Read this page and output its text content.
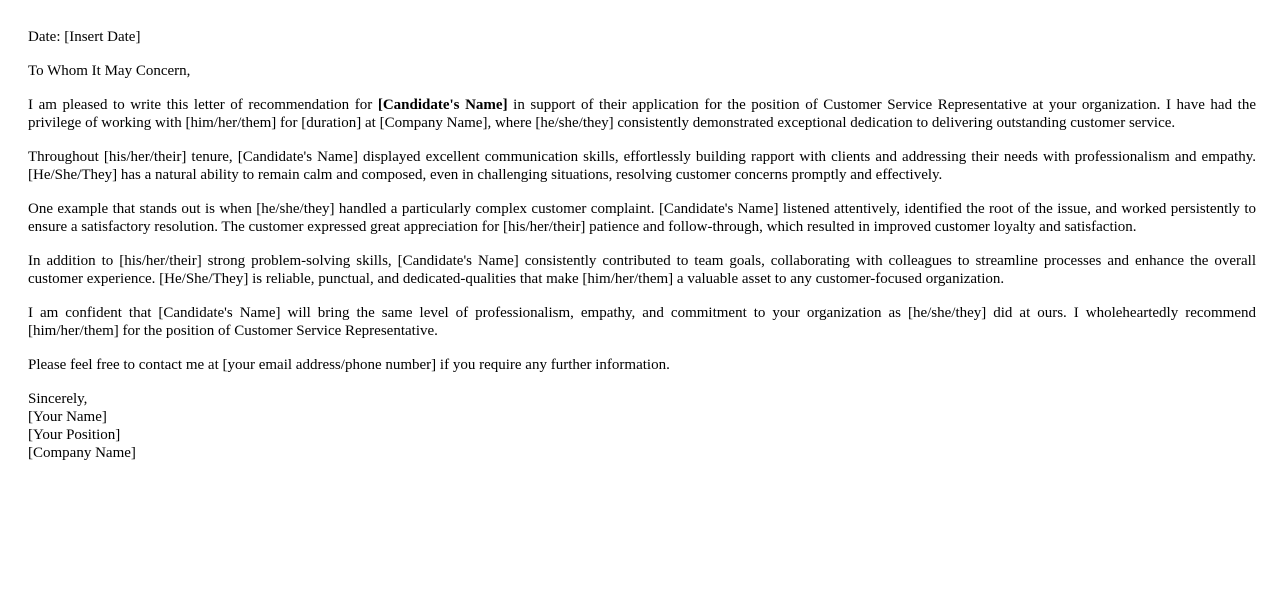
Date: [Insert Date]

To Whom It May Concern,

I am pleased to write this letter of recommendation for [Candidate's Name] in support of their application for the position of Customer Service Representative at your organization. I have had the privilege of working with [him/her/them] for [duration] at [Company Name], where [he/she/they] consistently demonstrated exceptional dedication to delivering outstanding customer service.

Throughout [his/her/their] tenure, [Candidate's Name] displayed excellent communication skills, effortlessly building rapport with clients and addressing their needs with professionalism and empathy. [He/She/They] has a natural ability to remain calm and composed, even in challenging situations, resolving customer concerns promptly and effectively.

One example that stands out is when [he/she/they] handled a particularly complex customer complaint. [Candidate's Name] listened attentively, identified the root of the issue, and worked persistently to ensure a satisfactory resolution. The customer expressed great appreciation for [his/her/their] patience and follow-through, which resulted in improved customer loyalty and satisfaction.

In addition to [his/her/their] strong problem-solving skills, [Candidate's Name] consistently contributed to team goals, collaborating with colleagues to streamline processes and enhance the overall customer experience. [He/She/They] is reliable, punctual, and dedicated-qualities that make [him/her/them] a valuable asset to any customer-focused organization.

I am confident that [Candidate's Name] will bring the same level of professionalism, empathy, and commitment to your organization as [he/she/they] did at ours. I wholeheartedly recommend [him/her/them] for the position of Customer Service Representative.

Please feel free to contact me at [your email address/phone number] if you require any further information.

Sincerely,
[Your Name]
[Your Position]
[Company Name]
